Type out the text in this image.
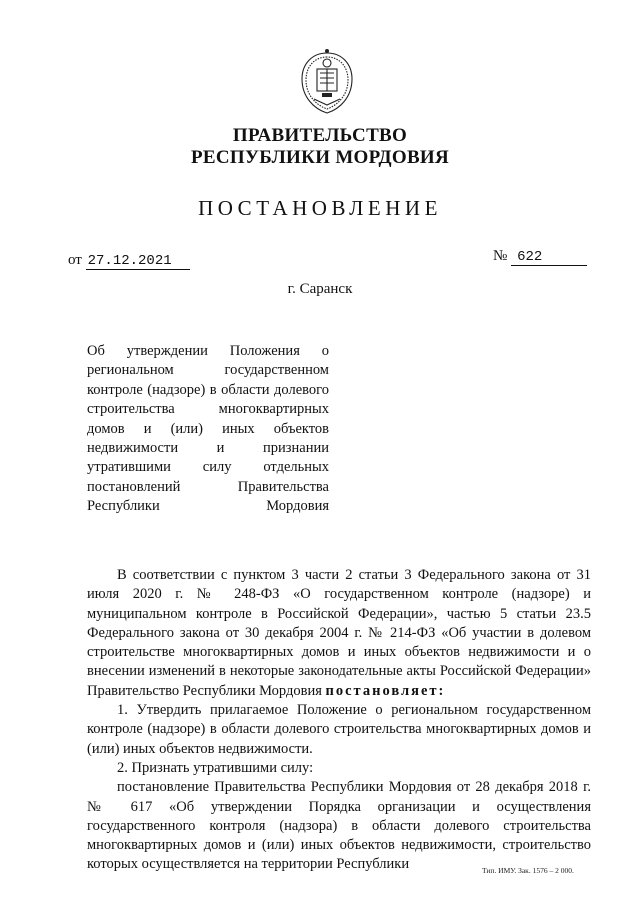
ПРАВИТЕЛЬСТВО
РЕСПУБЛИКИ МОРДОВИЯ
ПОСТАНОВЛЕНИЕ
от 27.12.2021	№ 622
г. Саранск
Об утверждении Положения о региональном государственном контроле (надзоре) в области долевого строительства многоквартирных домов и (или) иных объектов недвижимости и признании утратившими силу отдельных постановлений Правительства Республики Мордовия

В соответствии с пунктом 3 части 2 статьи 3 Федерального закона от 31 июля 2020 г. № 248-ФЗ «О государственном контроле (надзоре) и муниципальном контроле в Российской Федерации», частью 5 статьи 23.5 Федерального закона от 30 декабря 2004 г. № 214-ФЗ «Об участии в долевом строительстве многоквартирных домов и иных объектов недвижимости и о внесении изменений в некоторые законодательные акты Российской Федерации» Правительство Республики Мордовия постановляет:

1. Утвердить прилагаемое Положение о региональном государственном контроле (надзоре) в области долевого строительства многоквартирных домов и (или) иных объектов недвижимости.

2. Признать утратившими силу:

постановление Правительства Республики Мордовия от 28 декабря 2018 г. № 617 «Об утверждении Порядка организации и осуществления государственного контроля (надзора) в области долевого строительства многоквартирных домов и (или) иных объектов недвижимости, строительство которых осуществляется на территории Республики	Тип. ИМУ. Зак. 1576 – 2 000.
